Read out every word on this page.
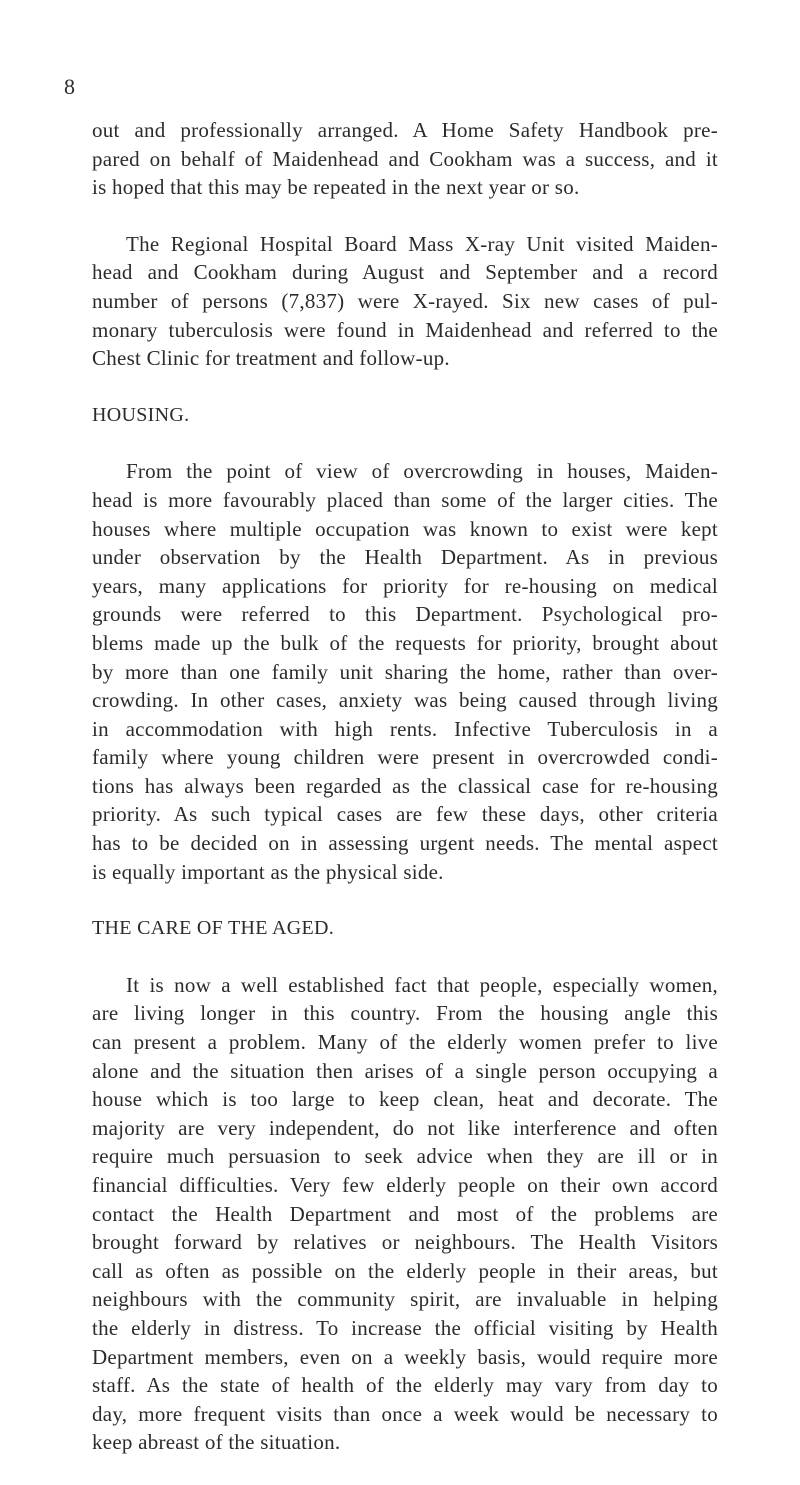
8
out and professionally arranged. A Home Safety Handbook pre-
pared on behalf of Maidenhead and Cookham was a success, and it
is hoped that this may be repeated in the next year or so.
The Regional Hospital Board Mass X-ray Unit visited Maiden-
head and Cookham during August and September and a record
number of persons (7,837) were X-rayed. Six new cases of pul-
monary tuberculosis were found in Maidenhead and referred to the
Chest Clinic for treatment and follow-up.
HOUSING.
From the point of view of overcrowding in houses, Maiden-
head is more favourably placed than some of the larger cities. The
houses where multiple occupation was known to exist were kept
under observation by the Health Department. As in previous
years, many applications for priority for re-housing on medical
grounds were referred to this Department. Psychological pro-
blems made up the bulk of the requests for priority, brought about
by more than one family unit sharing the home, rather than over-
crowding. In other cases, anxiety was being caused through living
in accommodation with high rents. Infective Tuberculosis in a
family where young children were present in overcrowded condi-
tions has always been regarded as the classical case for re-housing
priority. As such typical cases are few these days, other criteria
has to be decided on in assessing urgent needs. The mental aspect
is equally important as the physical side.
THE CARE OF THE AGED.
It is now a well established fact that people, especially women,
are living longer in this country. From the housing angle this
can present a problem. Many of the elderly women prefer to live
alone and the situation then arises of a single person occupying a
house which is too large to keep clean, heat and decorate. The
majority are very independent, do not like interference and often
require much persuasion to seek advice when they are ill or in
financial difficulties. Very few elderly people on their own accord
contact the Health Department and most of the problems are
brought forward by relatives or neighbours. The Health Visitors
call as often as possible on the elderly people in their areas, but
neighbours with the community spirit, are invaluable in helping
the elderly in distress. To increase the official visiting by Health
Department members, even on a weekly basis, would require more
staff. As the state of health of the elderly may vary from day to
day, more frequent visits than once a week would be necessary to
keep abreast of the situation.
